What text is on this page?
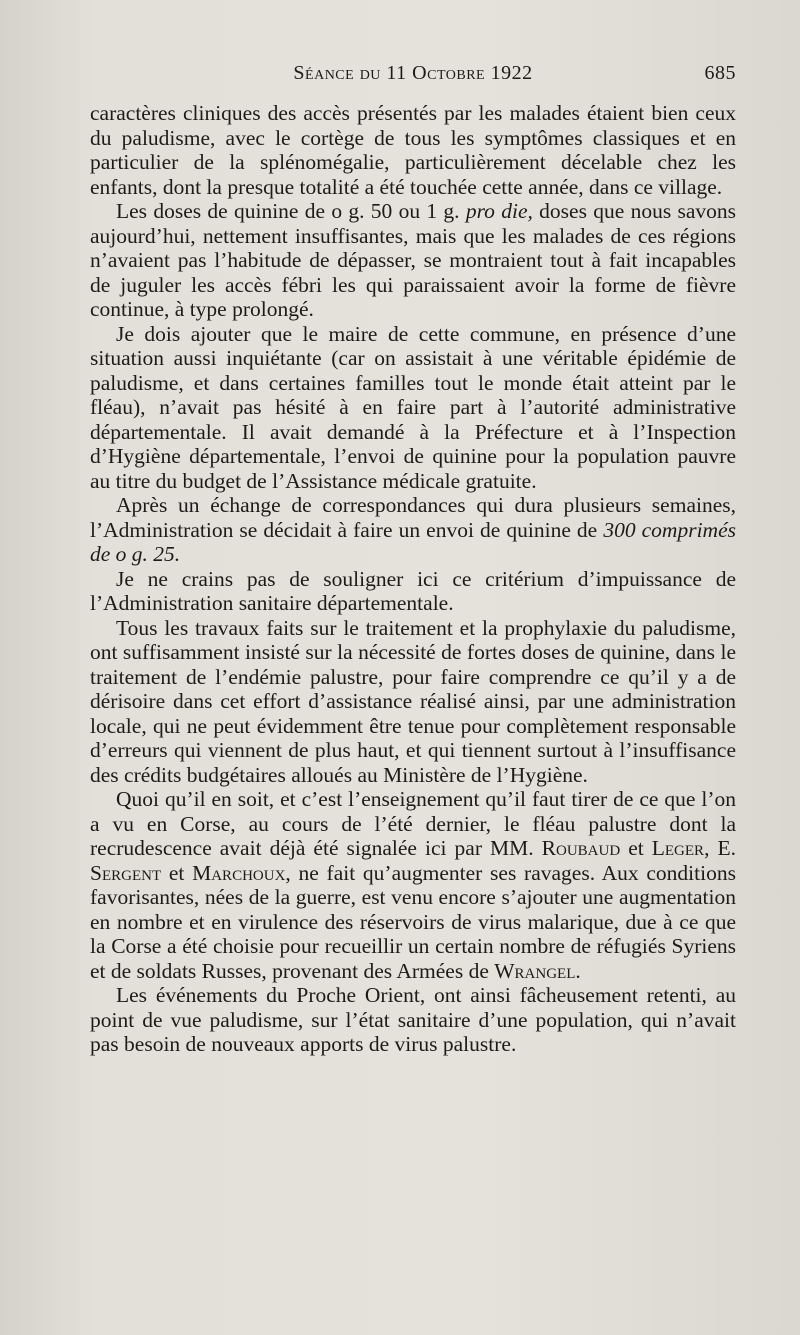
Séance du 11 Octobre 1922	685

caractères cliniques des accès présentés par les malades étaient bien ceux du paludisme, avec le cortège de tous les symptômes classiques et en particulier de la splénomégalie, particulièrement décelable chez les enfants, dont la presque totalité a été touchée cette année, dans ce village.

Les doses de quinine de o g. 50 ou 1 g. pro die, doses que nous savons aujourd’hui, nettement insuffisantes, mais que les malades de ces régions n’avaient pas l’habitude de dépasser, se montraient tout à fait incapables de juguler les accès fébri les qui paraissaient avoir la forme de fièvre continue, à type prolongé.

Je dois ajouter que le maire de cette commune, en présence d’une situation aussi inquiétante (car on assistait à une véritable épidémie de paludisme, et dans certaines familles tout le monde était atteint par le fléau), n’avait pas hésité à en faire part à l’autorité administrative départementale. Il avait demandé à la Préfecture et à l’Inspection d’Hygiène départementale, l’envoi de quinine pour la population pauvre au titre du budget de l’Assistance médicale gratuite.

Après un échange de correspondances qui dura plusieurs semaines, l’Administration se décidait à faire un envoi de quinine de 300 comprimés de o g. 25.

Je ne crains pas de souligner ici ce critérium d’impuissance de l’Administration sanitaire départementale.

Tous les travaux faits sur le traitement et la prophylaxie du paludisme, ont suffisamment insisté sur la nécessité de fortes doses de quinine, dans le traitement de l’endémie palustre, pour faire comprendre ce qu’il y a de dérisoire dans cet effort d’assistance réalisé ainsi, par une administration locale, qui ne peut évidemment être tenue pour complètement responsable d’erreurs qui viennent de plus haut, et qui tiennent surtout à l’insuffisance des crédits budgétaires alloués au Ministère de l’Hygiène.

Quoi qu’il en soit, et c’est l’enseignement qu’il faut tirer de ce que l’on a vu en Corse, au cours de l’été dernier, le fléau palustre dont la recrudescence avait déjà été signalée ici par MM. Roubaud et Leger, E. Sergent et Marchoux, ne fait qu’augmenter ses ravages. Aux conditions favorisantes, nées de la guerre, est venu encore s’ajouter une augmentation en nombre et en virulence des réservoirs de virus malarique, due à ce que la Corse a été choisie pour recueillir un certain nombre de réfugiés Syriens et de soldats Russes, provenant des Armées de Wrangel.

Les événements du Proche Orient, ont ainsi fâcheusement retenti, au point de vue paludisme, sur l’état sanitaire d’une population, qui n’avait pas besoin de nouveaux apports de virus palustre.
